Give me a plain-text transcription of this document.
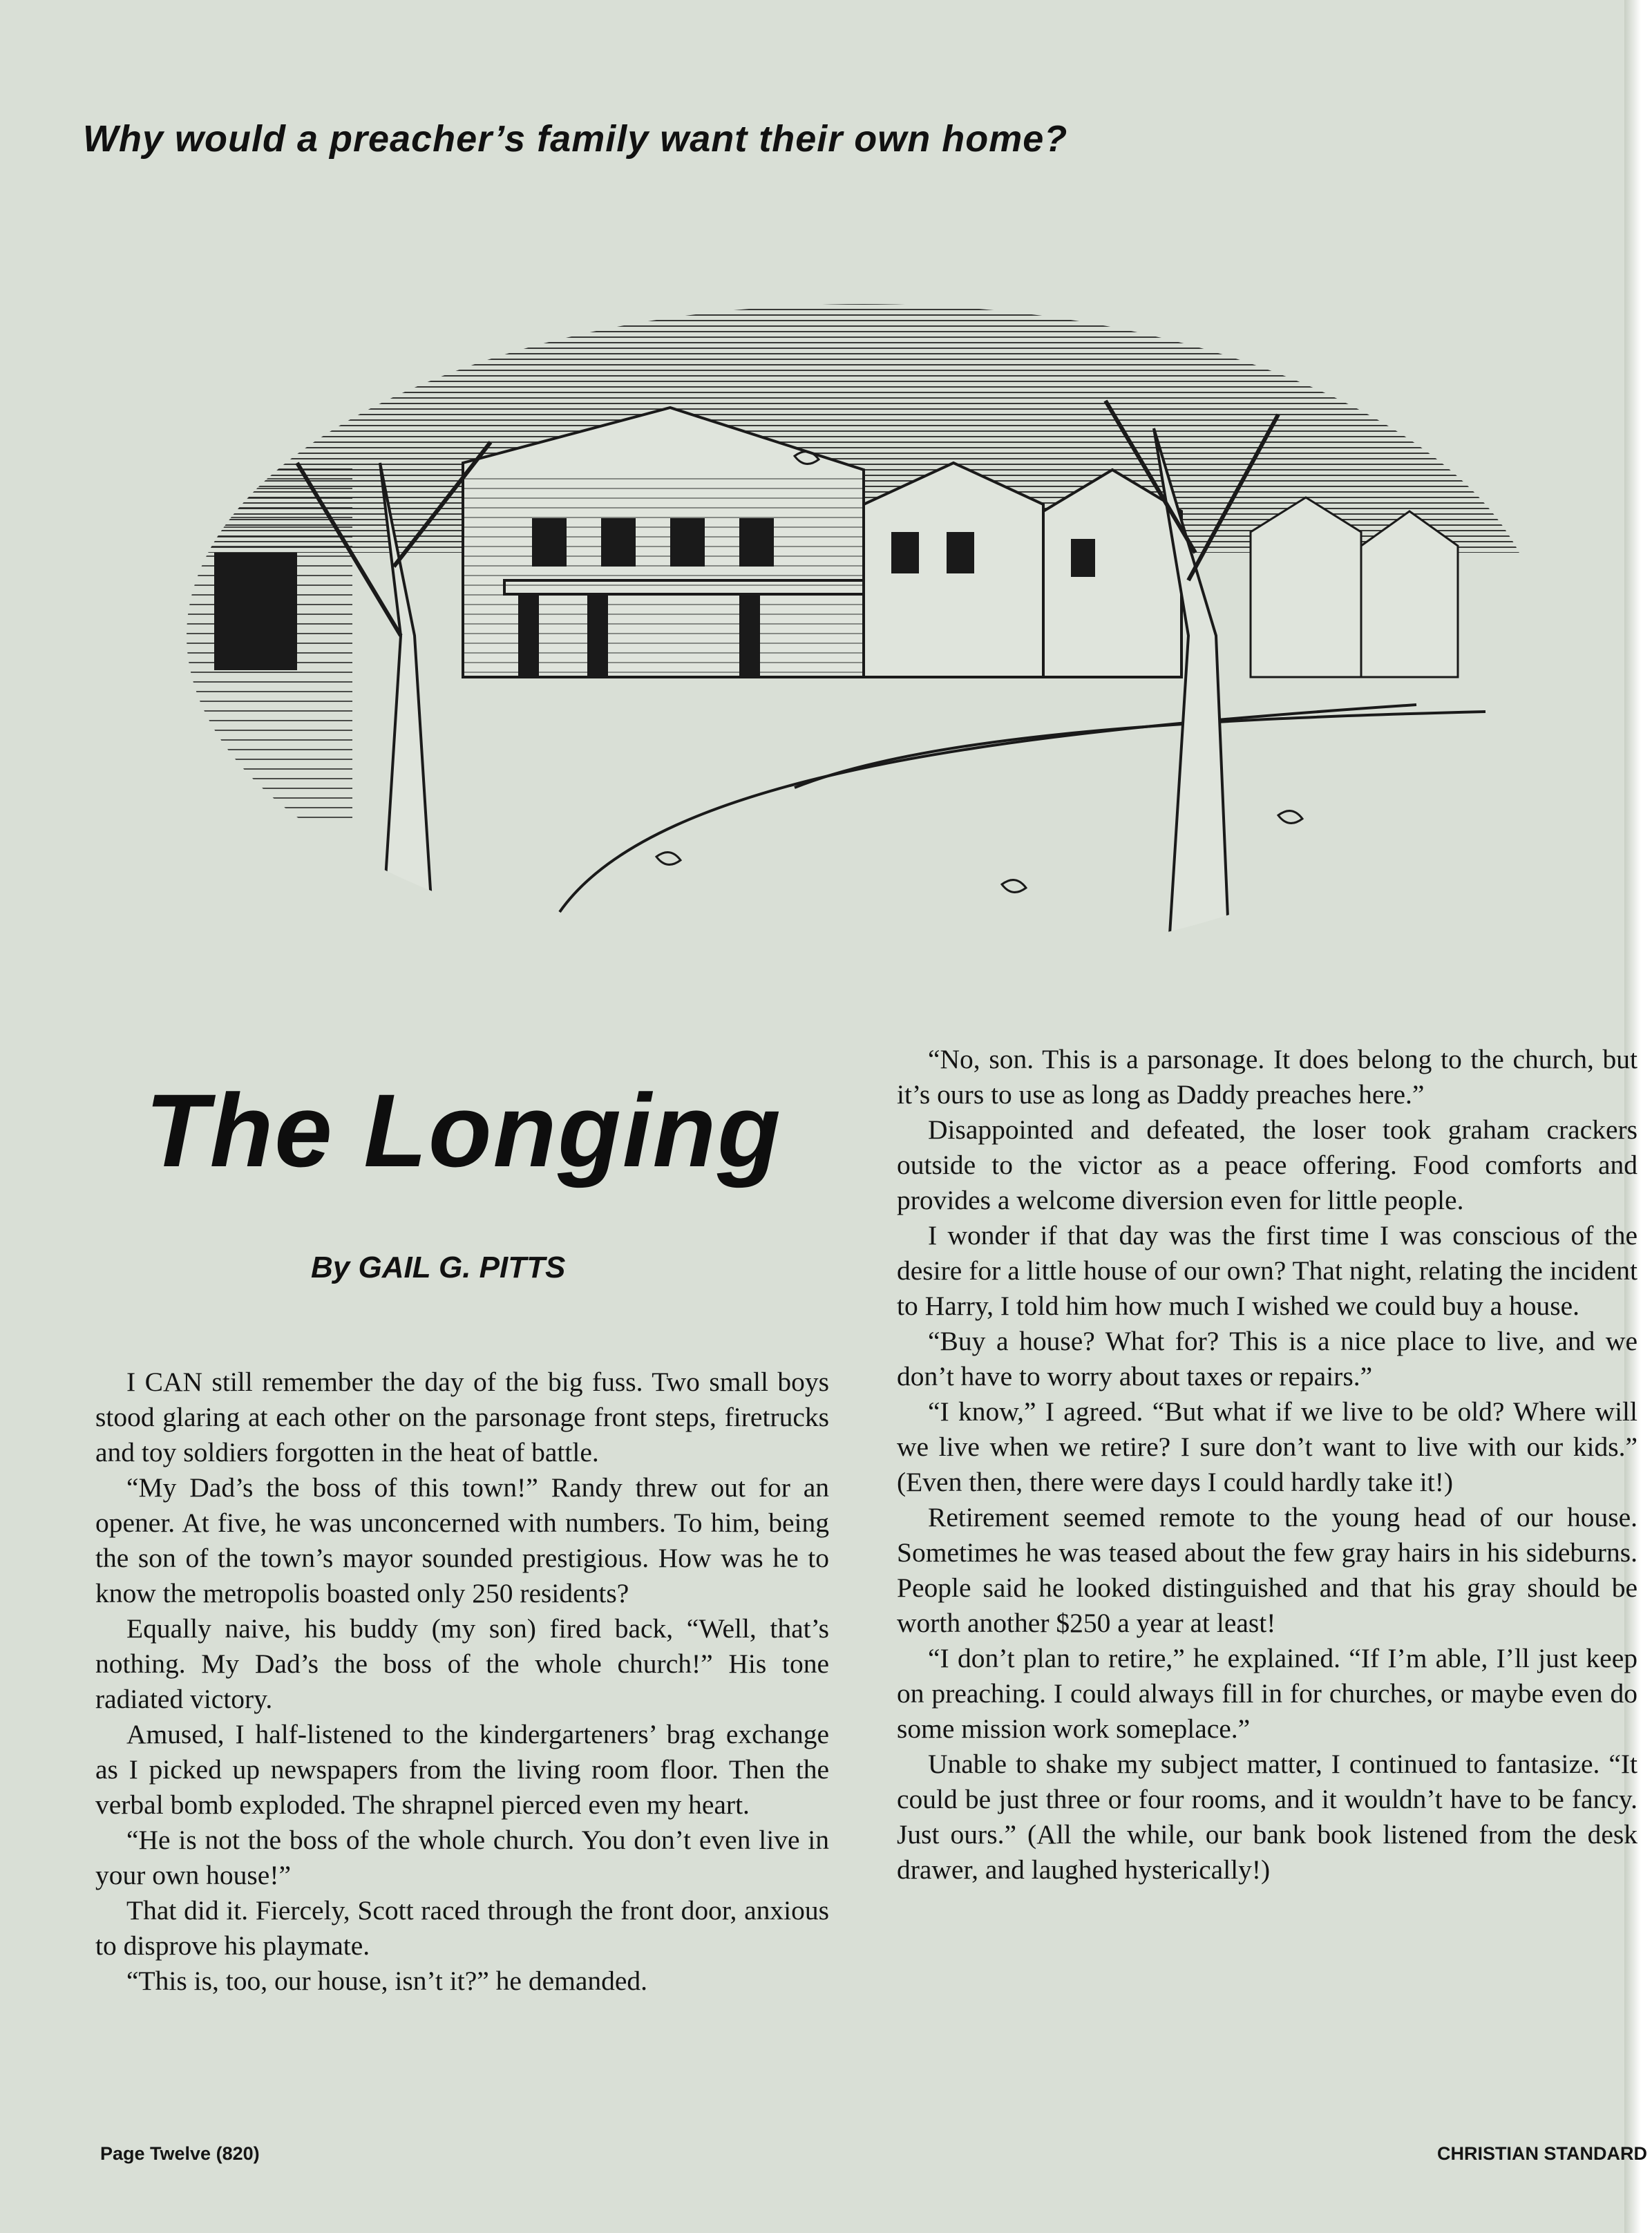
Why would a preacher’s family want their own home?
The Longing
By GAIL G. PITTS

I CAN still remember the day of the big fuss. Two small boys stood glaring at each other on the parsonage front steps, firetrucks and toy soldiers forgotten in the heat of battle.

“My Dad’s the boss of this town!” Randy threw out for an opener. At five, he was unconcerned with numbers. To him, being the son of the town’s mayor sounded prestigious. How was he to know the metropolis boasted only 250 residents?

Equally naive, his buddy (my son) fired back, “Well, that’s nothing. My Dad’s the boss of the whole church!” His tone radiated victory.

Amused, I half-listened to the kindergarteners’ brag exchange as I picked up newspapers from the living room floor. Then the verbal bomb exploded. The shrapnel pierced even my heart.

“He is not the boss of the whole church. You don’t even live in your own house!”

That did it. Fiercely, Scott raced through the front door, anxious to disprove his playmate.

“This is, too, our house, isn’t it?” he demanded.

“No, son. This is a parsonage. It does belong to the church, but it’s ours to use as long as Daddy preaches here.”

Disappointed and defeated, the loser took graham crackers outside to the victor as a peace offering. Food comforts and provides a welcome diversion even for little people.

I wonder if that day was the first time I was conscious of the desire for a little house of our own? That night, relating the incident to Harry, I told him how much I wished we could buy a house.

“Buy a house? What for? This is a nice place to live, and we don’t have to worry about taxes or repairs.”

“I know,” I agreed. “But what if we live to be old? Where will we live when we retire? I sure don’t want to live with our kids.” (Even then, there were days I could hardly take it!)

Retirement seemed remote to the young head of our house. Sometimes he was teased about the few gray hairs in his sideburns. People said he looked distinguished and that his gray should be worth another $250 a year at least!

“I don’t plan to retire,” he explained. “If I’m able, I’ll just keep on preaching. I could always fill in for churches, or maybe even do some mission work someplace.”

Unable to shake my subject matter, I continued to fantasize. “It could be just three or four rooms, and it wouldn’t have to be fancy. Just ours.” (All the while, our bank book listened from the desk drawer, and laughed hysterically!)

Page Twelve (820)	CHRISTIAN STANDARD
